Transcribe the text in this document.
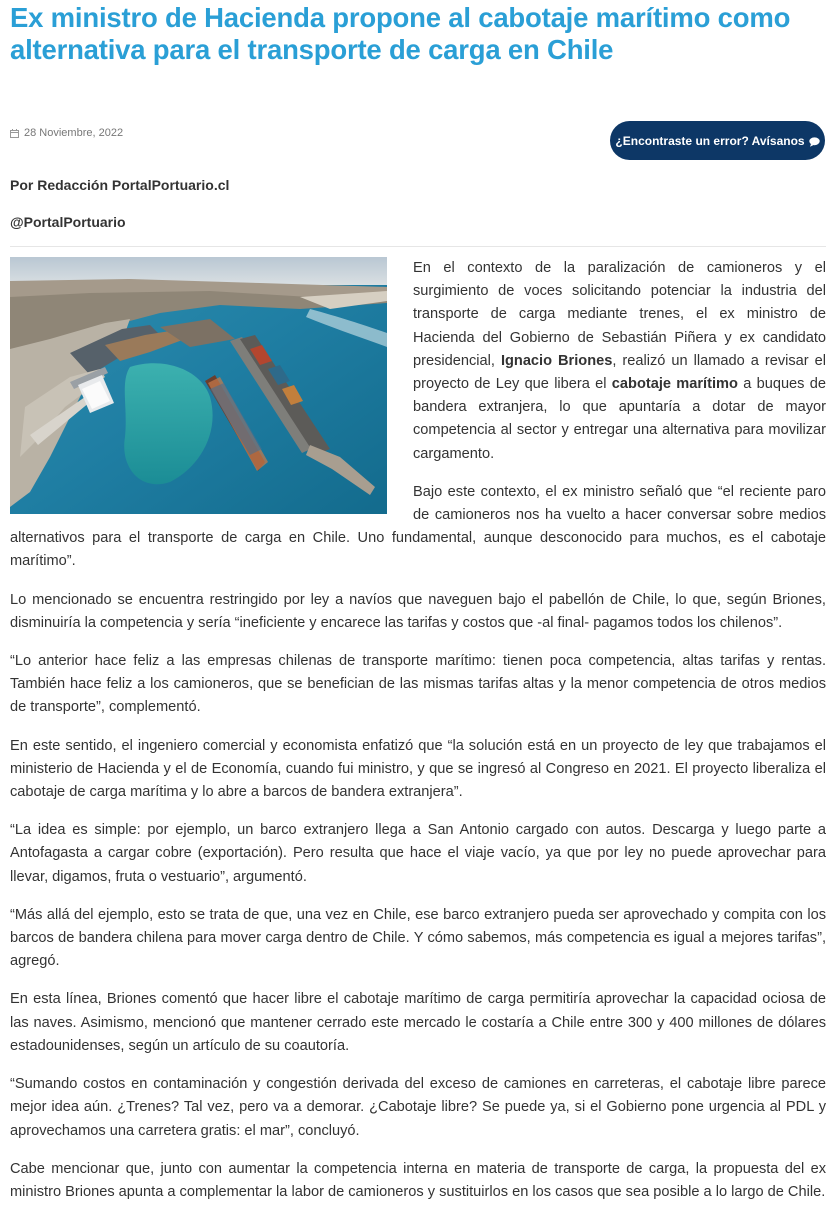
Ex ministro de Hacienda propone al cabotaje marítimo como alternativa para el transporte de carga en Chile
28 Noviembre, 2022
¿Encontraste un error? Avísanos
Por Redacción PortalPortuario.cl
@PortalPortuario

En el contexto de la paralización de camioneros y el surgimiento de voces solicitando potenciar la industria del transporte de carga mediante trenes, el ex ministro de Hacienda del Gobierno de Sebastián Piñera y ex candidato presidencial, Ignacio Briones, realizó un llamado a revisar el proyecto de Ley que libera el cabotaje marítimo a buques de bandera extranjera, lo que apuntaría a dotar de mayor competencia al sector y entregar una alternativa para movilizar cargamento.

Bajo este contexto, el ex ministro señaló que “el reciente paro de camioneros nos ha vuelto a hacer conversar sobre medios alternativos para el transporte de carga en Chile. Uno fundamental, aunque desconocido para muchos, es el cabotaje marítimo”.

Lo mencionado se encuentra restringido por ley a navíos que naveguen bajo el pabellón de Chile, lo que, según Briones, disminuiría la competencia y sería “ineficiente y encarece las tarifas y costos que -al final- pagamos todos los chilenos”.

“Lo anterior hace feliz a las empresas chilenas de transporte marítimo: tienen poca competencia, altas tarifas y rentas. También hace feliz a los camioneros, que se benefician de las mismas tarifas altas y la menor competencia de otros medios de transporte”, complementó.

En este sentido, el ingeniero comercial y economista enfatizó que “la solución está en un proyecto de ley que trabajamos el ministerio de Hacienda y el de Economía, cuando fui ministro, y que se ingresó al Congreso en 2021. El proyecto liberaliza el cabotaje de carga marítima y lo abre a barcos de bandera extranjera”.

“La idea es simple: por ejemplo, un barco extranjero llega a San Antonio cargado con autos. Descarga y luego parte a Antofagasta a cargar cobre (exportación). Pero resulta que hace el viaje vacío, ya que por ley no puede aprovechar para llevar, digamos, fruta o vestuario”, argumentó.

“Más allá del ejemplo, esto se trata de que, una vez en Chile, ese barco extranjero pueda ser aprovechado y compita con los barcos de bandera chilena para mover carga dentro de Chile. Y cómo sabemos, más competencia es igual a mejores tarifas”, agregó.

En esta línea, Briones comentó que hacer libre el cabotaje marítimo de carga permitiría aprovechar la capacidad ociosa de las naves. Asimismo, mencionó que mantener cerrado este mercado le costaría a Chile entre 300 y 400 millones de dólares estadounidenses, según un artículo de su coautoría.

“Sumando costos en contaminación y congestión derivada del exceso de camiones en carreteras, el cabotaje libre parece mejor idea aún. ¿Trenes? Tal vez, pero va a demorar. ¿Cabotaje libre? Se puede ya, si el Gobierno pone urgencia al PDL y aprovechamos una carretera gratis: el mar”, concluyó.

Cabe mencionar que, junto con aumentar la competencia interna en materia de transporte de carga, la propuesta del ex ministro Briones apunta a complementar la labor de camioneros y sustituirlos en los casos que sea posible a lo largo de Chile.
